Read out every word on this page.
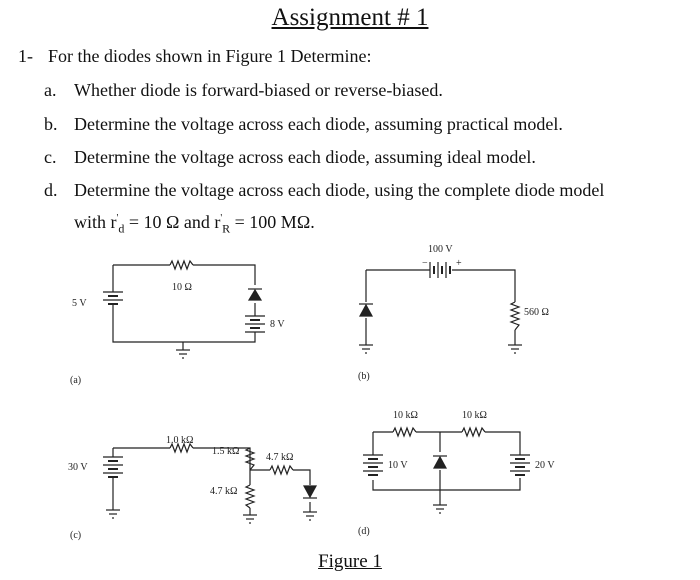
Assignment # 1
1- For the diodes shown in Figure 1 Determine:
a. Whether diode is forward-biased or reverse-biased.
b. Determine the voltage across each diode, assuming practical model.
c. Determine the voltage across each diode, assuming ideal model.
d. Determine the voltage across each diode, using the complete diode model
with $r'_d = 10$ Ω and $r'_R = 100$ MΩ.
5 V
10 Ω
8 V
(a)
100 V
−	+
560 Ω
(b)
30 V
1.0 kΩ
1.5 kΩ
4.7 kΩ
4.7 kΩ
(c)
10 kΩ	10 kΩ
10 V	20 V
(d)
Figure 1
